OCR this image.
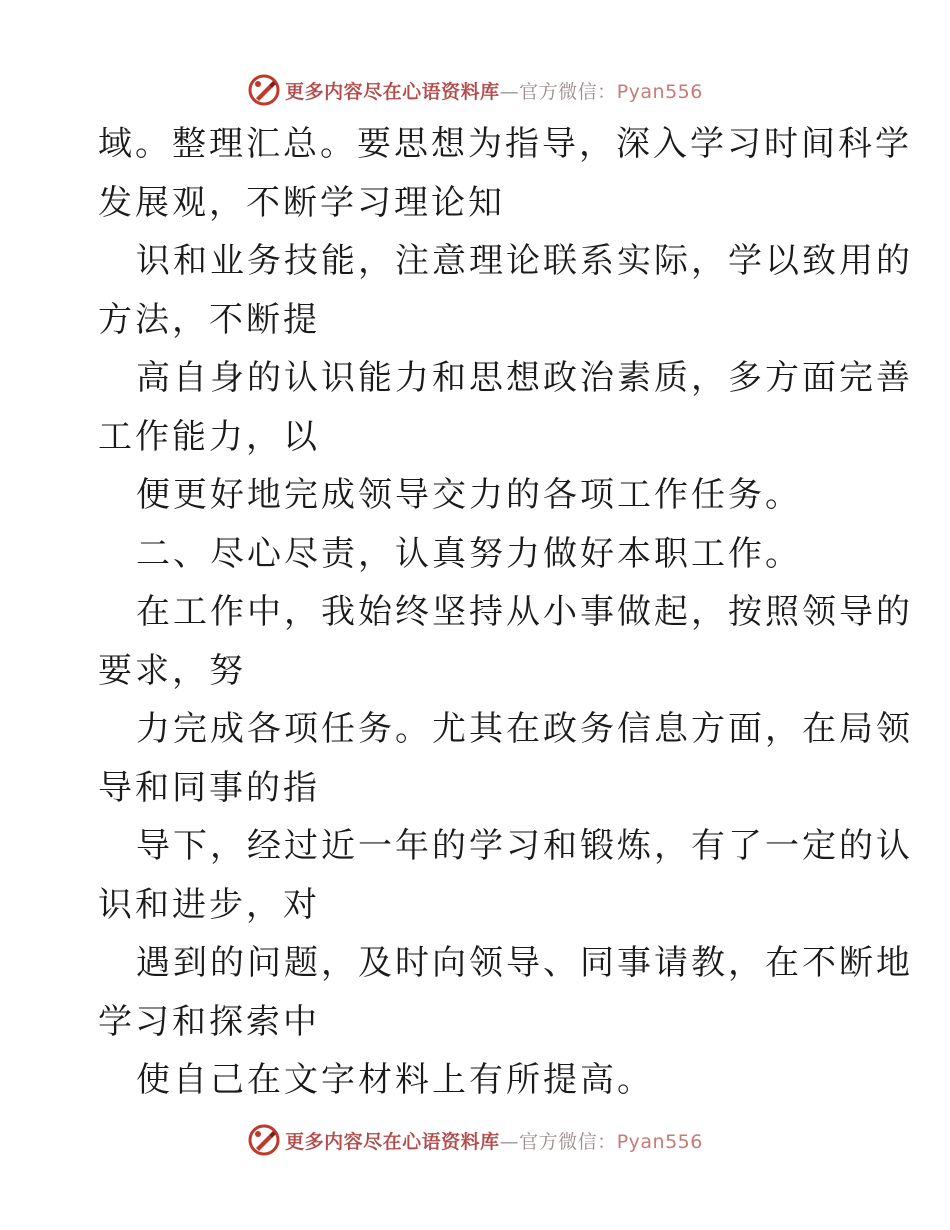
更多内容尽在心语资料库—官方微信：Pyan556
域。整理汇总。要思想为指导，深入学习时间科学
发展观，不断学习理论知
识和业务技能，注意理论联系实际，学以致用的
方法，不断提
高自身的认识能力和思想政治素质，多方面完善
工作能力，以
便更好地完成领导交力的各项工作任务。
二、尽心尽责，认真努力做好本职工作。
在工作中，我始终坚持从小事做起，按照领导的
要求，努
力完成各项任务。尤其在政务信息方面，在局领
导和同事的指
导下，经过近一年的学习和锻炼，有了一定的认
识和进步，对
遇到的问题，及时向领导、同事请教，在不断地
学习和探索中
使自己在文字材料上有所提高。
更多内容尽在心语资料库—官方微信：Pyan556
